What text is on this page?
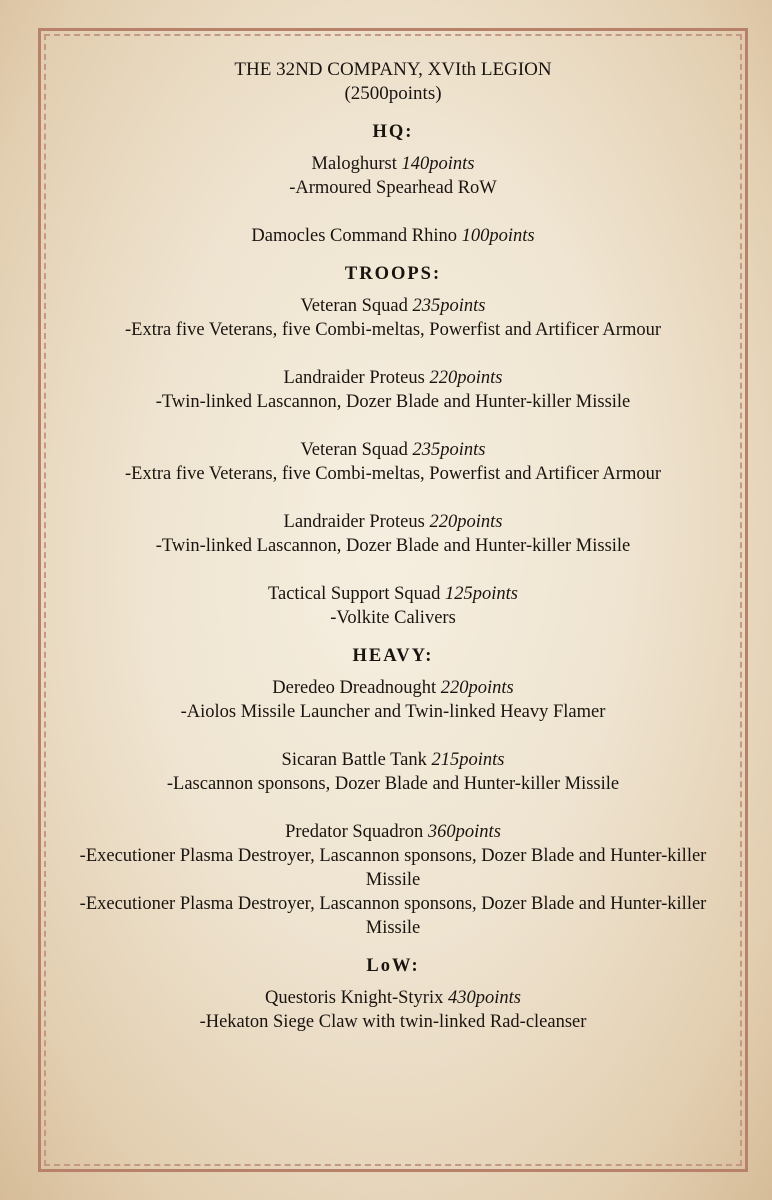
THE 32ND COMPANY, XVIth LEGION
(2500points)
HQ:
Maloghurst 140points
-Armoured Spearhead RoW
Damocles Command Rhino 100points
TROOPS:
Veteran Squad 235points
-Extra five Veterans, five Combi-meltas, Powerfist and Artificer Armour
Landraider Proteus 220points
-Twin-linked Lascannon, Dozer Blade and Hunter-killer Missile
Veteran Squad 235points
-Extra five Veterans, five Combi-meltas, Powerfist and Artificer Armour
Landraider Proteus 220points
-Twin-linked Lascannon, Dozer Blade and Hunter-killer Missile
Tactical Support Squad 125points
-Volkite Calivers
HEAVY:
Deredeo Dreadnought 220points
-Aiolos Missile Launcher and Twin-linked Heavy Flamer
Sicaran Battle Tank 215points
-Lascannon sponsons, Dozer Blade and Hunter-killer Missile
Predator Squadron 360points
-Executioner Plasma Destroyer, Lascannon sponsons, Dozer Blade and Hunter-killer Missile
-Executioner Plasma Destroyer, Lascannon sponsons, Dozer Blade and Hunter-killer Missile
LoW:
Questoris Knight-Styrix 430points
-Hekaton Siege Claw with twin-linked Rad-cleanser
